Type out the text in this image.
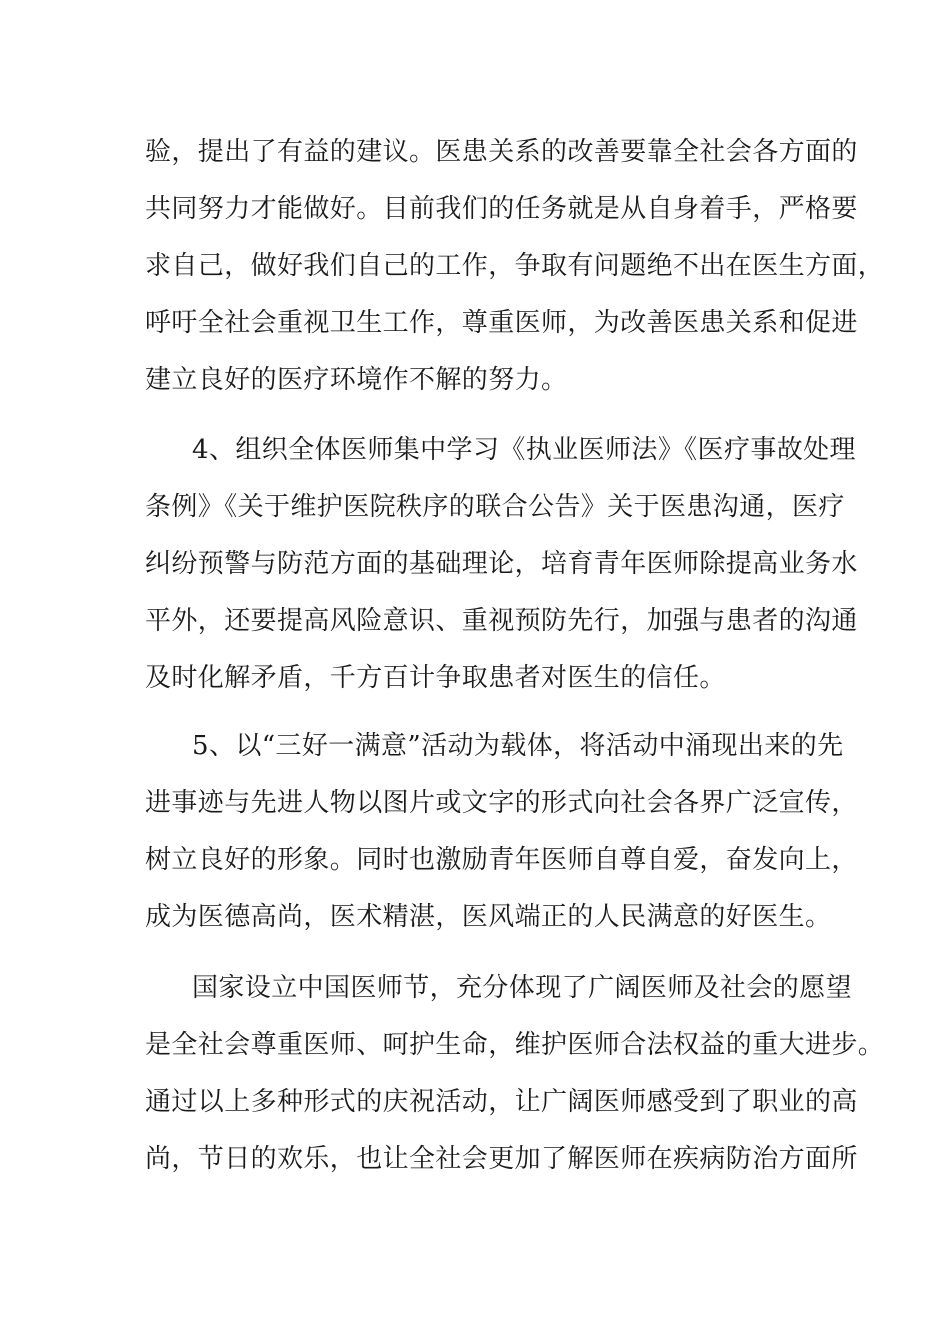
验，提出了有益的建议。医患关系的改善要靠全社会各方面的
共同努力才能做好。目前我们的任务就是从自身着手，严格要
求自己，做好我们自己的工作，争取有问题绝不出在医生方面，
呼吁全社会重视卫生工作，尊重医师，为改善医患关系和促进
建立良好的医疗环境作不解的努力。
4、组织全体医师集中学习《执业医师法》《医疗事故处理
条例》《关于维护医院秩序的联合公告》关于医患沟通，医疗
纠纷预警与防范方面的基础理论，培育青年医师除提高业务水
平外，还要提高风险意识、重视预防先行，加强与患者的沟通
及时化解矛盾，千方百计争取患者对医生的信任。
5、以“三好一满意”活动为载体，将活动中涌现出来的先
进事迹与先进人物以图片或文字的形式向社会各界广泛宣传，
树立良好的形象。同时也激励青年医师自尊自爱，奋发向上，
成为医德高尚，医术精湛，医风端正的人民满意的好医生。
国家设立中国医师节，充分体现了广阔医师及社会的愿望
是全社会尊重医师、呵护生命，维护医师合法权益的重大进步。
通过以上多种形式的庆祝活动，让广阔医师感受到了职业的高
尚，节日的欢乐，也让全社会更加了解医师在疾病防治方面所
